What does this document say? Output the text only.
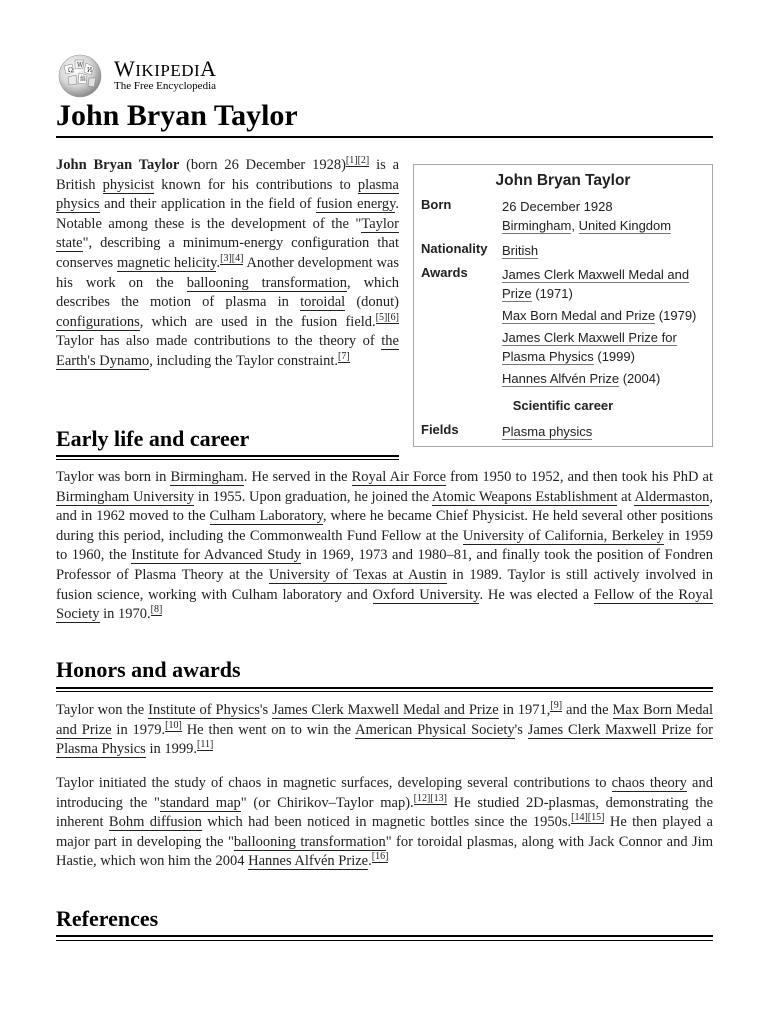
Ω
W
И
維 WIKIPEDIA
The Free Encyclopedia
John Bryan Taylor

John Bryan Taylor (born 26 December 1928)[1][2] is a British physicist known for his contributions to plasma physics and their application in the field of fusion energy. Notable among these is the development of the "Taylor state", describing a minimum-energy configuration that conserves magnetic helicity.[3][4] Another development was his work on the ballooning transformation, which describes the motion of plasma in toroidal (donut) configurations, which are used in the fusion field.[5][6] Taylor has also made contributions to the theory of the Earth's Dynamo, including the Taylor constraint.[7]

John Bryan Taylor
Born	26 December 1928
Birmingham, United Kingdom
Nationality	British
Awards	James Clerk Maxwell Medal and Prize (1971)
Max Born Medal and Prize (1979)
James Clerk Maxwell Prize for Plasma Physics (1999)
Hannes Alfvén Prize (2004)
Scientific career
Fields	Plasma physics
Early life and career

Taylor was born in Birmingham. He served in the Royal Air Force from 1950 to 1952, and then took his PhD at Birmingham University in 1955. Upon graduation, he joined the Atomic Weapons Establishment at Aldermaston, and in 1962 moved to the Culham Laboratory, where he became Chief Physicist. He held several other positions during this period, including the Commonwealth Fund Fellow at the University of California, Berkeley in 1959 to 1960, the Institute for Advanced Study in 1969, 1973 and 1980–81, and finally took the position of Fondren Professor of Plasma Theory at the University of Texas at Austin in 1989. Taylor is still actively involved in fusion science, working with Culham laboratory and Oxford University. He was elected a Fellow of the Royal Society in 1970.[8]

Honors and awards

Taylor won the Institute of Physics's James Clerk Maxwell Medal and Prize in 1971,[9] and the Max Born Medal and Prize in 1979.[10] He then went on to win the American Physical Society's James Clerk Maxwell Prize for Plasma Physics in 1999.[11]

Taylor initiated the study of chaos in magnetic surfaces, developing several contributions to chaos theory and introducing the "standard map" (or Chirikov–Taylor map).[12][13] He studied 2D-plasmas, demonstrating the inherent Bohm diffusion which had been noticed in magnetic bottles since the 1950s.[14][15] He then played a major part in developing the "ballooning transformation" for toroidal plasmas, along with Jack Connor and Jim Hastie, which won him the 2004 Hannes Alfvén Prize.[16]

References
